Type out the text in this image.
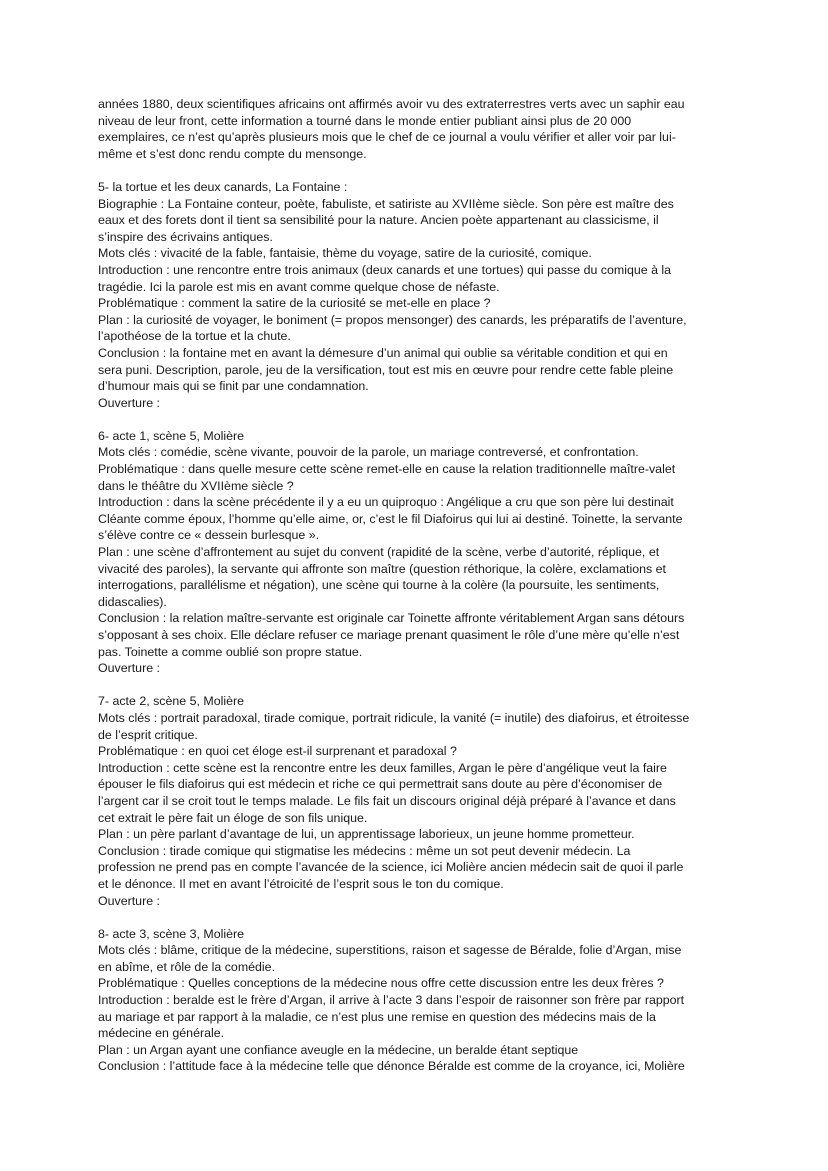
années 1880, deux scientifiques africains ont affirmés avoir vu des extraterrestres verts avec un saphir eau
niveau de leur front, cette information a tourné dans le monde entier publiant ainsi plus de 20 000
exemplaires, ce n’est qu’après plusieurs mois que le chef de ce journal a voulu vérifier et aller voir par lui-
même et s’est donc rendu compte du mensonge.
5- la tortue et les deux canards, La Fontaine :
Biographie : La Fontaine conteur, poète, fabuliste, et satiriste au XVIIème siècle. Son père est maître des
eaux et des forets dont il tient sa sensibilité pour la nature. Ancien poète appartenant au classicisme, il
s’inspire des écrivains antiques.
Mots clés : vivacité de la fable, fantaisie, thème du voyage, satire de la curiosité, comique.
Introduction : une rencontre entre trois animaux (deux canards et une tortues) qui passe du comique à la
tragédie. Ici la parole est mis en avant comme quelque chose de néfaste.
Problématique : comment la satire de la curiosité se met-elle en place ?
Plan : la curiosité de voyager, le boniment (= propos mensonger) des canards, les préparatifs de l’aventure,
l’apothéose de la tortue et la chute.
Conclusion : la fontaine met en avant la démesure d’un animal qui oublie sa véritable condition et qui en
sera puni. Description, parole, jeu de la versification, tout est mis en œuvre pour rendre cette fable pleine
d’humour mais qui se finit par une condamnation.
Ouverture :
6- acte 1, scène 5, Molière
Mots clés : comédie, scène vivante, pouvoir de la parole, un mariage contreversé, et confrontation.
Problématique : dans quelle mesure cette scène remet-elle en cause la relation traditionnelle maître-valet
dans le théâtre du XVIIème siècle ?
Introduction : dans la scène précédente il y a eu un quiproquo : Angélique a cru que son père lui destinait
Cléante comme époux, l’homme qu’elle aime, or, c’est le fil Diafoirus qui lui ai destiné. Toinette, la servante
s’élève contre ce « dessein burlesque ».
Plan : une scène d’affrontement au sujet du convent (rapidité de la scène, verbe d’autorité, réplique, et
vivacité des paroles), la servante qui affronte son maître (question réthorique, la colère, exclamations et
interrogations, parallélisme et négation), une scène qui tourne à la colère (la poursuite, les sentiments,
didascalies).
Conclusion : la relation maître-servante est originale car Toinette affronte véritablement Argan sans détours
s’opposant à ses choix. Elle déclare refuser ce mariage prenant quasiment le rôle d’une mère qu’elle n’est
pas. Toinette a comme oublié son propre statue.
Ouverture :
7- acte 2, scène 5, Molière
Mots clés : portrait paradoxal, tirade comique, portrait ridicule, la vanité (= inutile) des diafoirus, et étroitesse
de l’esprit critique.
Problématique : en quoi cet éloge est-il surprenant et paradoxal ?
Introduction : cette scène est la rencontre entre les deux familles, Argan le père d’angélique veut la faire
épouser le fils diafoirus qui est médecin et riche ce qui permettrait sans doute au père d’économiser de
l’argent car il se croit tout le temps malade. Le fils fait un discours original déjà préparé à l’avance et dans
cet extrait le père fait un éloge de son fils unique.
Plan : un père parlant d’avantage de lui, un apprentissage laborieux, un jeune homme prometteur.
Conclusion : tirade comique qui stigmatise les médecins : même un sot peut devenir médecin. La
profession ne prend pas en compte l’avancée de la science, ici Molière ancien médecin sait de quoi il parle
et le dénonce. Il met en avant l’étroicité de l’esprit sous le ton du comique.
Ouverture :
8- acte 3, scène 3, Molière
Mots clés : blâme, critique de la médecine, superstitions, raison et sagesse de Béralde, folie d’Argan, mise
en abîme, et rôle de la comédie.
Problématique : Quelles conceptions de la médecine nous offre cette discussion entre les deux frères ?
Introduction : beralde est le frère d’Argan, il arrive à l’acte 3 dans l’espoir de raisonner son frère par rapport
au mariage et par rapport à la maladie, ce n’est plus une remise en question des médecins mais de la
médecine en générale.
Plan : un Argan ayant une confiance aveugle en la médecine, un beralde étant septique
Conclusion : l’attitude face à la médecine telle que dénonce Béralde est comme de la croyance, ici, Molière
